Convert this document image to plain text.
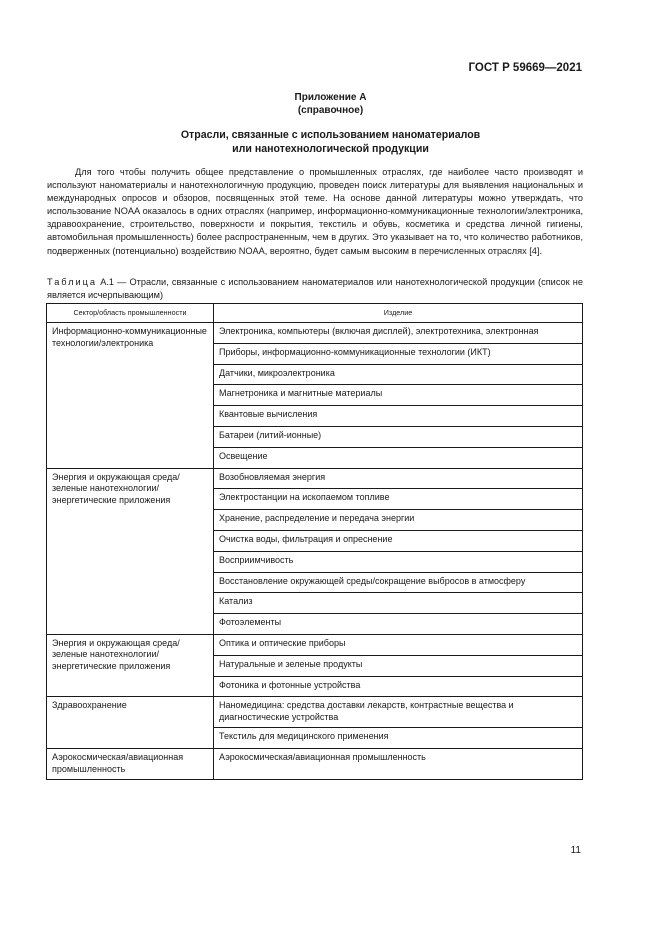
ГОСТ Р 59669—2021
Приложение А
(справочное)
Отрасли, связанные с использованием наноматериалов
или нанотехнологической продукции
Для того чтобы получить общее представление о промышленных отраслях, где наиболее часто производят и используют наноматериалы и нанотехнологичную продукцию, проведен поиск литературы для выявления национальных и международных опросов и обзоров, посвященных этой теме. На основе данной литературы можно утверждать, что использование NOAA оказалось в одних отраслях (например, информационно-коммуникационные технологии/электроника, здравоохранение, строительство, поверхности и покрытия, текстиль и обувь, косметика и средства личной гигиены, автомобильная промышленность) более распространенным, чем в других. Это указывает на то, что количество работников, подверженных (потенциально) воздействию NOAA, вероятно, будет самым высоким в перечисленных отраслях [4].
Таблица А.1 — Отрасли, связанные с использованием наноматериалов или нанотехнологической продукции (список не является исчерпывающим)
Сектор/область промышленности	Изделие
Информационно-коммуникационные технологии/электроника	Электроника, компьютеры (включая дисплей), электротехника, электронная
	Приборы, информационно-коммуникационные технологии (ИКТ)
	Датчики, микроэлектроника
	Магнетроника и магнитные материалы
	Квантовые вычисления
	Батареи (литий-ионные)
	Освещение
Энергия и окружающая среда/зеленые нанотехнологии/энергетические приложения	Возобновляемая энергия
	Электростанции на ископаемом топливе
	Хранение, распределение и передача энергии
	Очистка воды, фильтрация и опреснение
	Восприимчивость
	Восстановление окружающей среды/сокращение выбросов в атмосферу
	Катализ
	Фотоэлементы
Энергия и окружающая среда/зеленые нанотехнологии/энергетические приложения	Оптика и оптические приборы
	Натуральные и зеленые продукты
	Фотоника и фотонные устройства
Здравоохранение	Наномедицина: средства доставки лекарств, контрастные вещества и диагностические устройства
	Текстиль для медицинского применения
Аэрокосмическая/авиационная промышленность	Аэрокосмическая/авиационная промышленность
11
